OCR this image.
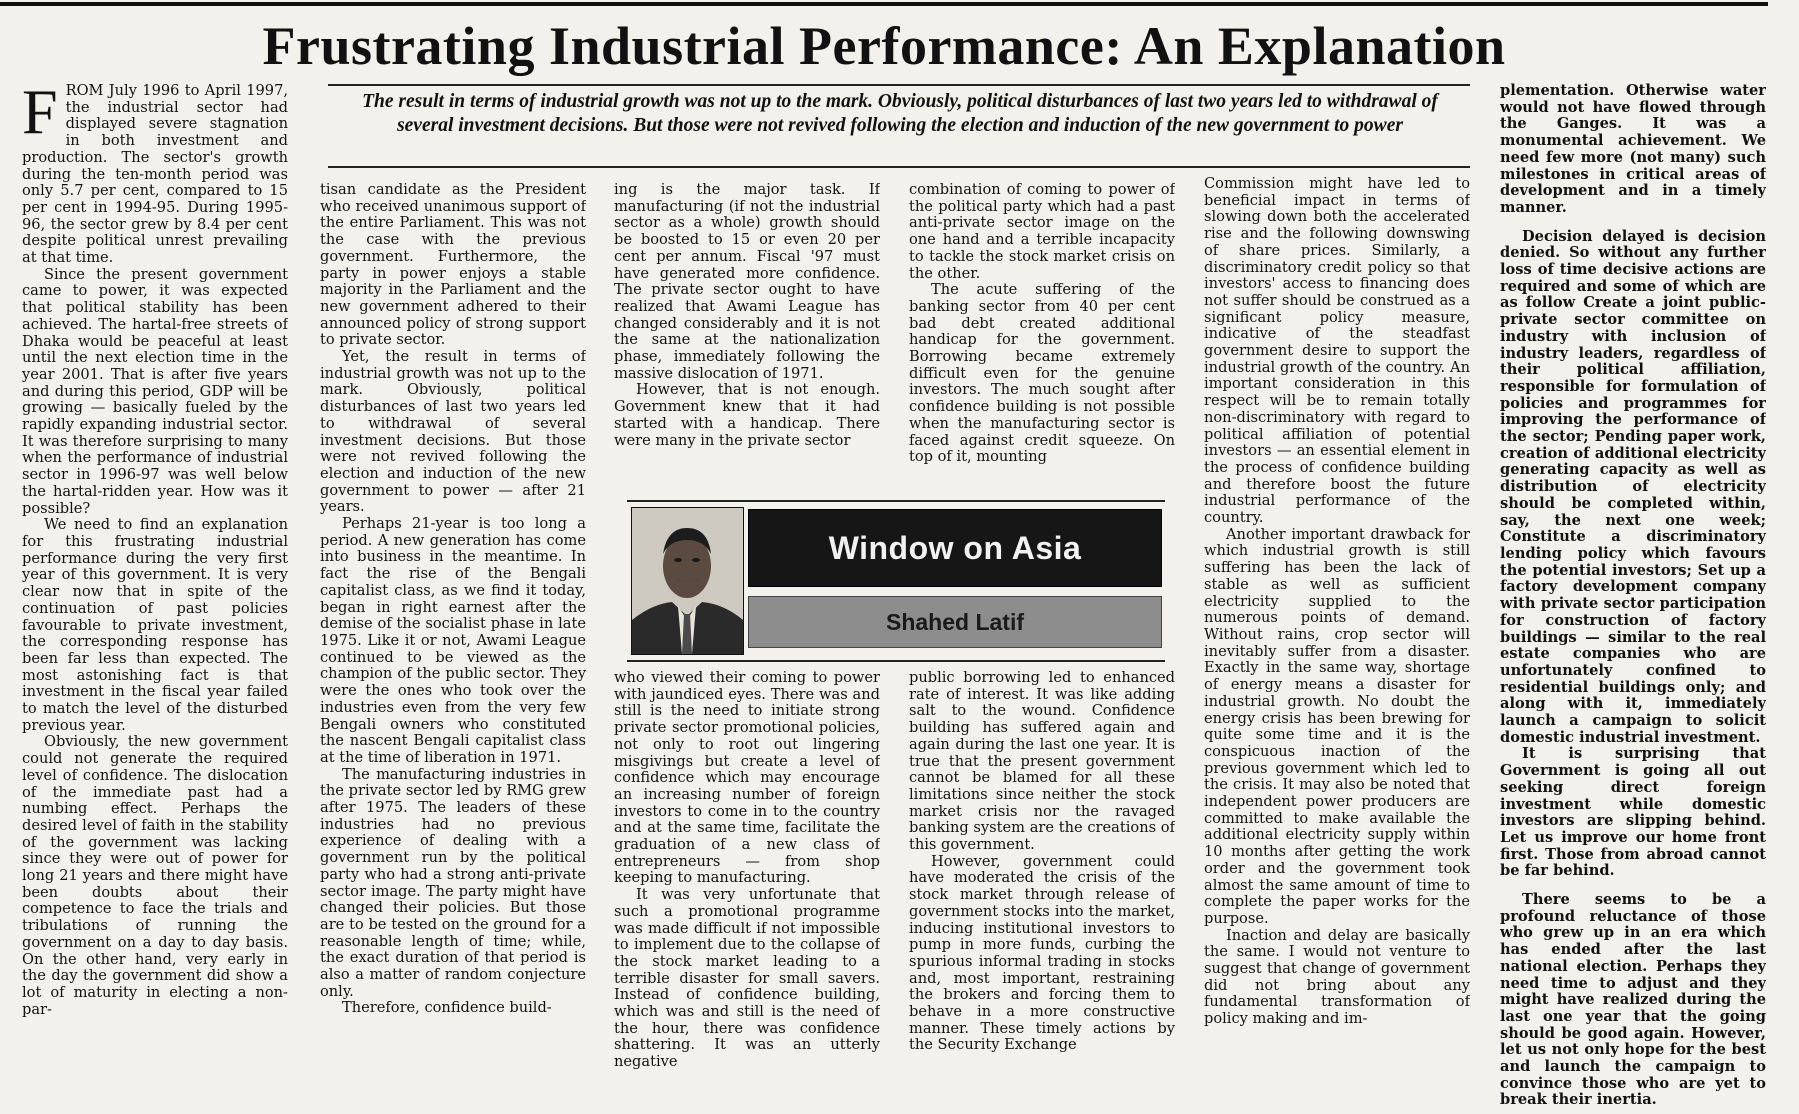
Frustrating Industrial Performance: An Explanation
F ROM July 1996 to April 1997, the industrial sector had displayed severe stagnation in both investment and production. The sector's growth during the ten-month period was only 5.7 per cent, compared to 15 per cent in 1994-95. During 1995-96, the sector grew by 8.4 per cent despite political unrest prevailing at that time.

Since the present government came to power, it was expected that political stability has been achieved. The hartal-free streets of Dhaka would be peaceful at least until the next election time in the year 2001. That is after five years and during this period, GDP will be growing — basically fueled by the rapidly expanding industrial sector. It was therefore surprising to many when the performance of industrial sector in 1996-97 was well below the hartal-ridden year. How was it possible?

We need to find an explanation for this frustrating industrial performance during the very first year of this government. It is very clear now that in spite of the continuation of past policies favourable to private investment, the corresponding response has been far less than expected. The most astonishing fact is that investment in the fiscal year failed to match the level of the disturbed previous year.

Obviously, the new government could not generate the required level of confidence. The dislocation of the immediate past had a numbing effect. Perhaps the desired level of faith in the stability of the government was lacking since they were out of power for long 21 years and there might have been doubts about their competence to face the trials and tribulations of running the government on a day to day basis. On the other hand, very early in the day the government did show a lot of maturity in electing a non-par-

The result in terms of industrial growth was not up to the mark. Obviously, political disturbances of last two years led to withdrawal of several investment decisions. But those were not revived following the election and induction of the new government to power

tisan candidate as the President who received unanimous support of the entire Parliament. This was not the case with the previous government. Furthermore, the party in power enjoys a stable majority in the Parliament and the new government adhered to their announced policy of strong support to private sector.

Yet, the result in terms of industrial growth was not up to the mark. Obviously, political disturbances of last two years led to withdrawal of several investment decisions. But those were not revived following the election and induction of the new government to power — after 21 years.

Perhaps 21-year is too long a period. A new generation has come into business in the meantime. In fact the rise of the Bengali capitalist class, as we find it today, began in right earnest after the demise of the socialist phase in late 1975. Like it or not, Awami League continued to be viewed as the champion of the public sector. They were the ones who took over the industries even from the very few Bengali owners who constituted the nascent Bengali capitalist class at the time of liberation in 1971.

The manufacturing industries in the private sector led by RMG grew after 1975. The leaders of these industries had no previous experience of dealing with a government run by the political party who had a strong anti-private sector image. The party might have changed their policies. But those are to be tested on the ground for a reasonable length of time; while, the exact duration of that period is also a matter of random conjecture only.

Therefore, confidence build-

ing is the major task. If manufacturing (if not the industrial sector as a whole) growth should be boosted to 15 or even 20 per cent per annum. Fiscal '97 must have generated more confidence. The private sector ought to have realized that Awami League has changed considerably and it is not the same at the nationalization phase, immediately following the massive dislocation of 1971.

However, that is not enough. Government knew that it had started with a handicap. There were many in the private sector

combination of coming to power of the political party which had a past anti-private sector image on the one hand and a terrible incapacity to tackle the stock market crisis on the other.

The acute suffering of the banking sector from 40 per cent bad debt created additional handicap for the government. Borrowing became extremely difficult even for the genuine investors. The much sought after confidence building is not possible when the manufacturing sector is faced against credit squeeze. On top of it, mounting

Window on Asia
Shahed Latif

who viewed their coming to power with jaundiced eyes. There was and still is the need to initiate strong private sector promotional policies, not only to root out lingering misgivings but create a level of confidence which may encourage an increasing number of foreign investors to come in to the country and at the same time, facilitate the graduation of a new class of entrepreneurs — from shop keeping to manufacturing.

It was very unfortunate that such a promotional programme was made difficult if not impossible to implement due to the collapse of the stock market leading to a terrible disaster for small savers. Instead of confidence building, which was and still is the need of the hour, there was confidence shattering. It was an utterly negative

public borrowing led to enhanced rate of interest. It was like adding salt to the wound. Confidence building has suffered again and again during the last one year. It is true that the present government cannot be blamed for all these limitations since neither the stock market crisis nor the ravaged banking system are the creations of this government.

However, government could have moderated the crisis of the stock market through release of government stocks into the market, inducing institutional investors to pump in more funds, curbing the spurious informal trading in stocks and, most important, restraining the brokers and forcing them to behave in a more constructive manner. These timely actions by the Security Exchange

Commission might have led to beneficial impact in terms of slowing down both the accelerated rise and the following downswing of share prices. Similarly, a discriminatory credit policy so that investors' access to financing does not suffer should be construed as a significant policy measure, indicative of the steadfast government desire to support the industrial growth of the country. An important consideration in this respect will be to remain totally non-discriminatory with regard to political affiliation of potential investors — an essential element in the process of confidence building and therefore boost the future industrial performance of the country.

Another important drawback for which industrial growth is still suffering has been the lack of stable as well as sufficient electricity supplied to the numerous points of demand. Without rains, crop sector will inevitably suffer from a disaster. Exactly in the same way, shortage of energy means a disaster for industrial growth. No doubt the energy crisis has been brewing for quite some time and it is the conspicuous inaction of the previous government which led to the crisis. It may also be noted that independent power producers are committed to make available the additional electricity supply within 10 months after getting the work order and the government took almost the same amount of time to complete the paper works for the purpose.

Inaction and delay are basically the same. I would not venture to suggest that change of government did not bring about any fundamental transformation of policy making and im-

plementation. Otherwise water would not have flowed through the Ganges. It was a monumental achievement. We need few more (not many) such milestones in critical areas of development and in a timely manner.

Decision delayed is decision denied. So without any further loss of time decisive actions are required and some of which are as follow Create a joint public-private sector committee on industry with inclusion of industry leaders, regardless of their political affiliation, responsible for formulation of policies and programmes for improving the performance of the sector; Pending paper work, creation of additional electricity generating capacity as well as distribution of electricity should be completed within, say, the next one week; Constitute a discriminatory lending policy which favours the potential investors; Set up a factory development company with private sector participation for construction of factory buildings — similar to the real estate companies who are unfortunately confined to residential buildings only; and along with it, immediately launch a campaign to solicit domestic industrial investment.

It is surprising that Government is going all out seeking direct foreign investment while domestic investors are slipping behind. Let us improve our home front first. Those from abroad cannot be far behind.

There seems to be a profound reluctance of those who grew up in an era which has ended after the last national election. Perhaps they need time to adjust and they might have realized during the last one year that the going should be good again. However, let us not only hope for the best and launch the campaign to convince those who are yet to break their inertia.
